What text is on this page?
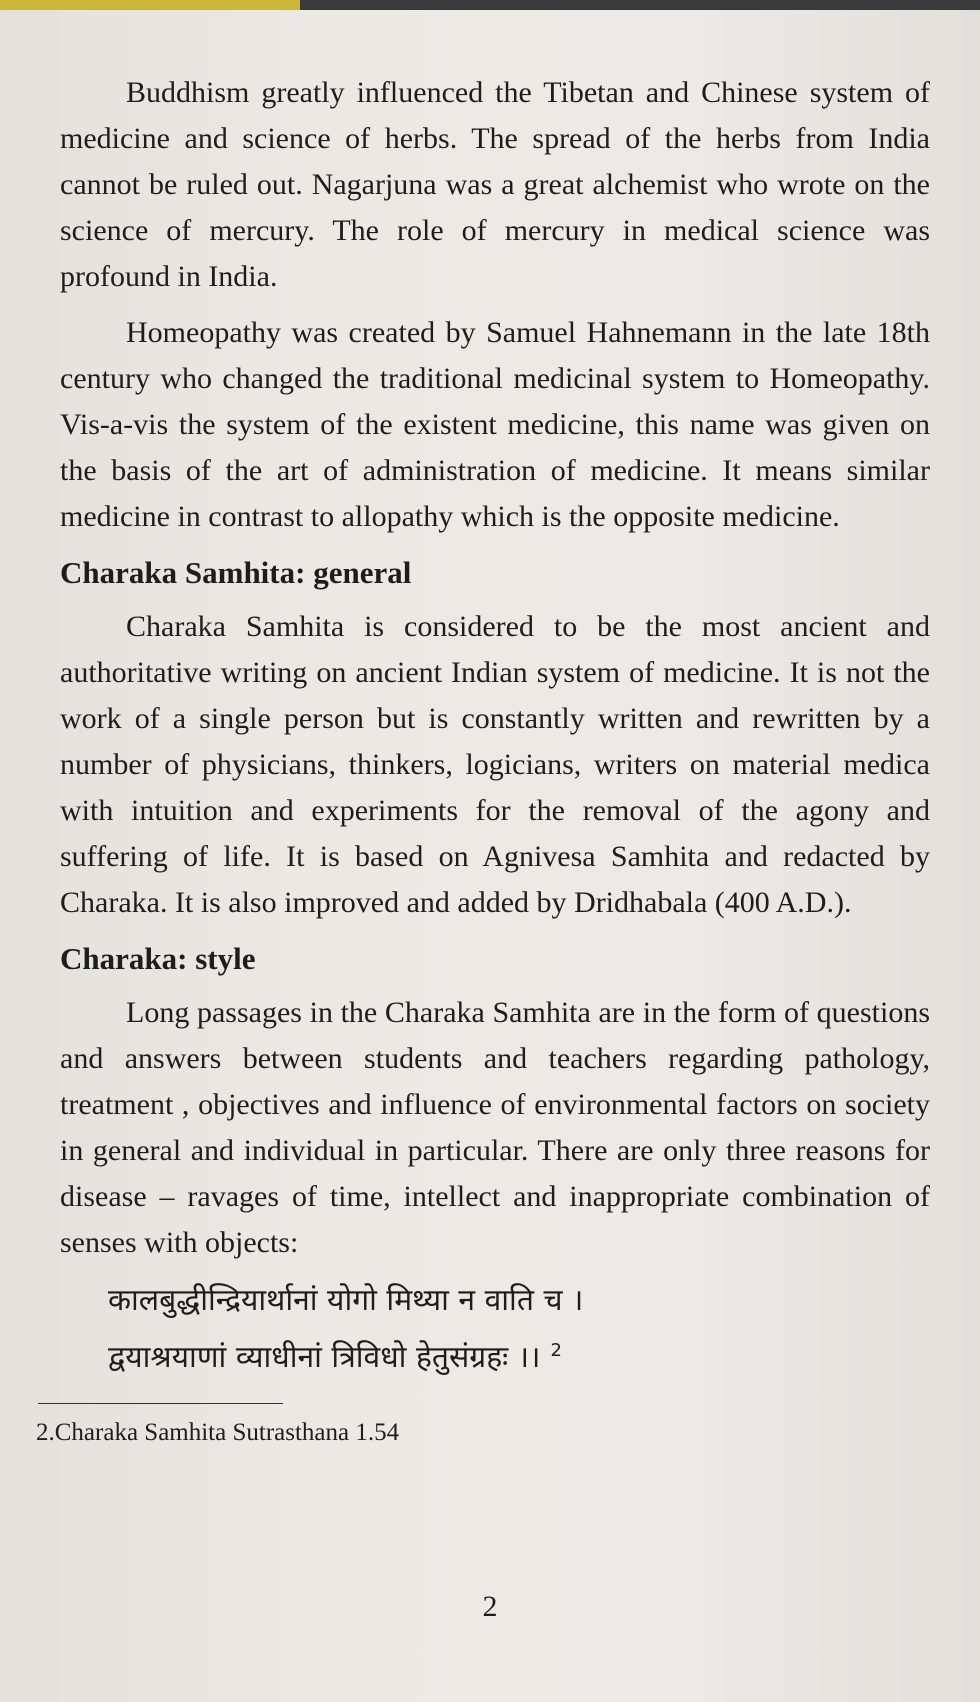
Buddhism greatly influenced the Tibetan and Chinese system of medicine and science of herbs. The spread of the herbs from India cannot be ruled out. Nagarjuna was a great alchemist who wrote on the science of mercury. The role of mercury in medical science was profound in India.

Homeopathy was created by Samuel Hahnemann in the late 18th century who changed the traditional medicinal system to Homeopathy. Vis-a-vis the system of the existent medicine, this name was given on the basis of the art of administration of medicine. It means similar medicine in contrast to allopathy which is the opposite medicine.

Charaka Samhita: general

Charaka Samhita is considered to be the most ancient and authoritative writing on ancient Indian system of medicine. It is not the work of a single person but is constantly written and rewritten by a number of physicians, thinkers, logicians, writers on material medica with intuition and experiments for the removal of the agony and suffering of life. It is based on Agnivesa Samhita and redacted by Charaka. It is also improved and added by Dridhabala (400 A.D.).

Charaka: style

Long passages in the Charaka Samhita are in the form of questions and answers between students and teachers regarding pathology, treatment , objectives and influence of environmental factors on society in general and individual in particular. There are only three reasons for disease – ravages of time, intellect and inappropriate combination of senses with objects:

कालबुद्धीन्द्रियार्थानां योगो मिथ्या न वाति च ।
द्वयाश्रयाणां व्याधीनां त्रिविधो हेतुसंग्रहः ।। $^2$
2.Charaka Samhita Sutrasthana 1.54
2
